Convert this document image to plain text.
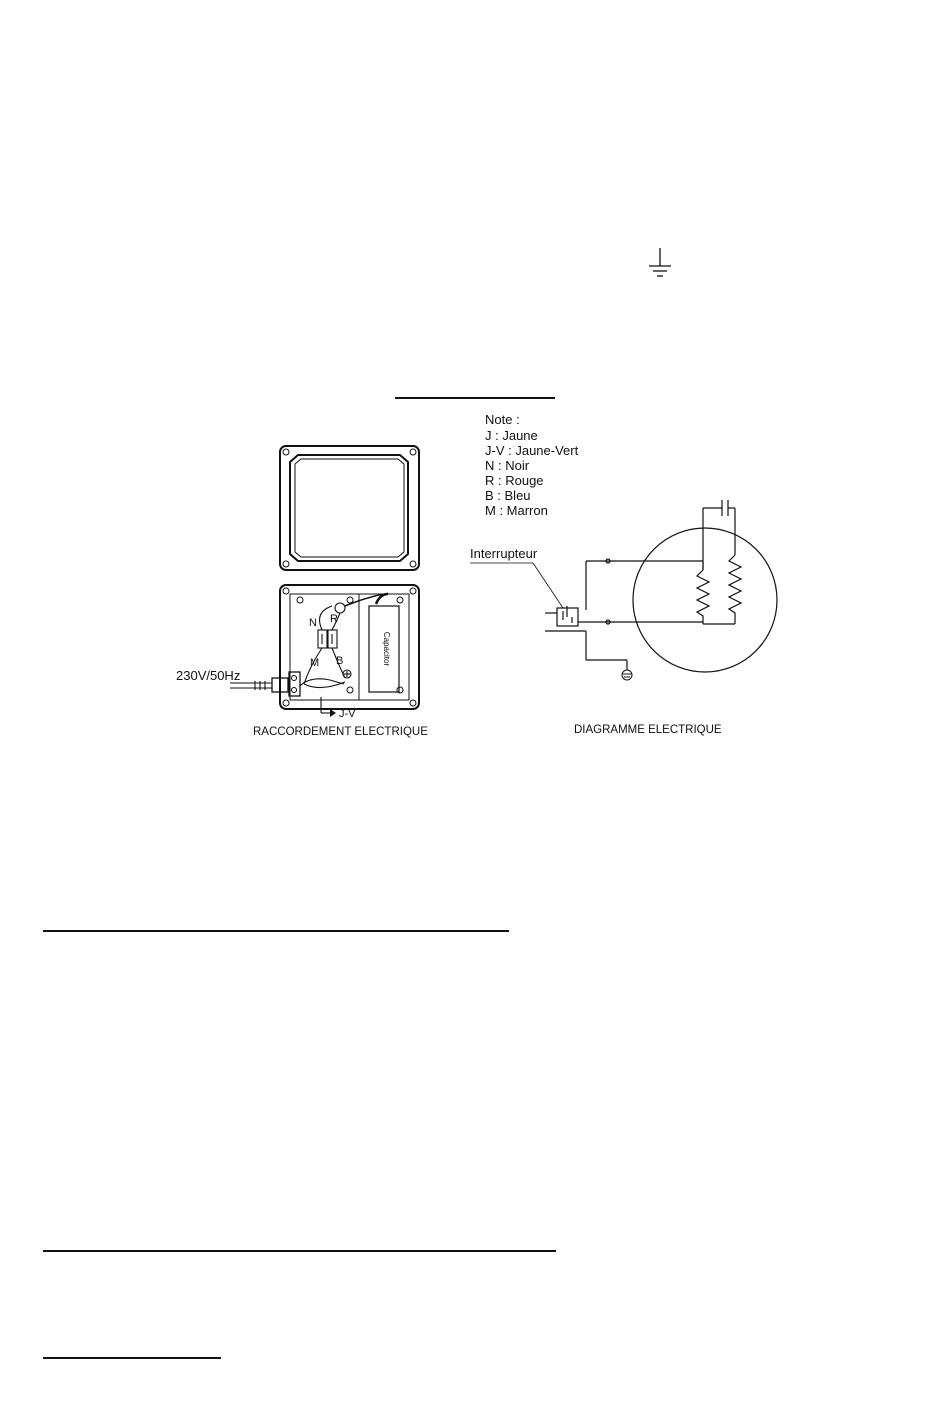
Capacitor
N R
M B
J-V
230V/50Hz
RACCORDEMENT ELECTRIQUE
Note :
J : Jaune
J-V : Jaune-Vert
N : Noir
R : Rouge
B : Bleu
M : Marron
Interrupteur
DIAGRAMME ELECTRIQUE
